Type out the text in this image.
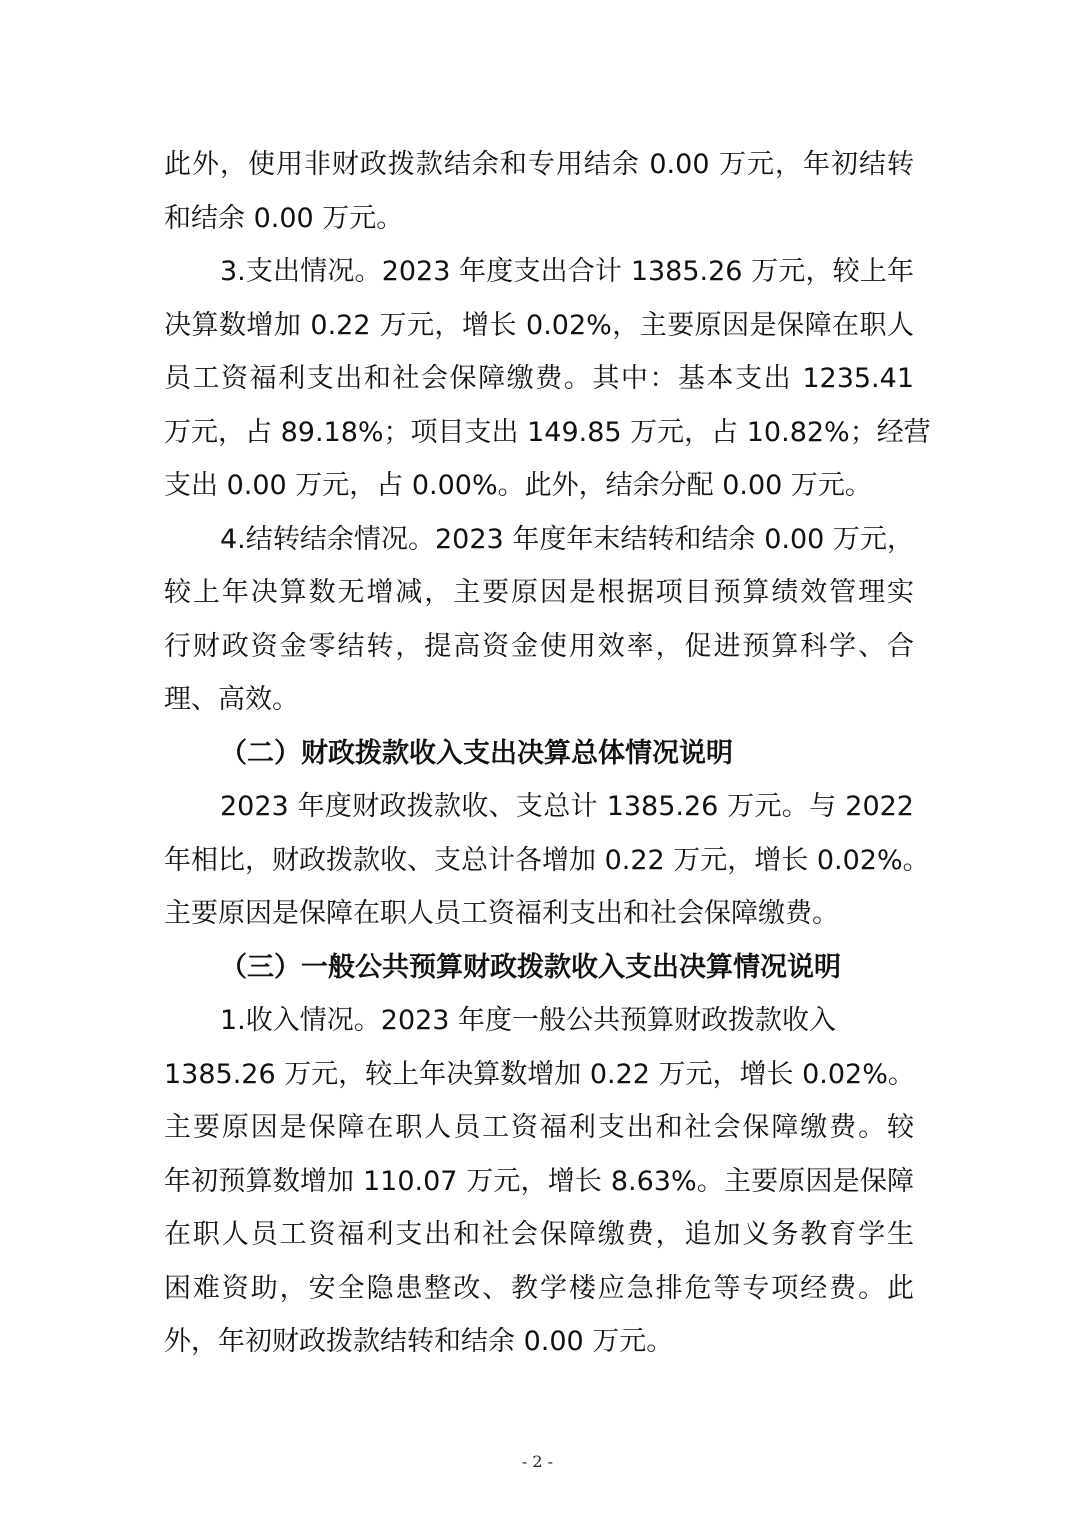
此外，使用非财政拨款结余和专用结余 0.00 万元，年初结转
和结余 0.00 万元。
3.支出情况。2023 年度支出合计 1385.26 万元，较上年
决算数增加 0.22 万元，增长 0.02%，主要原因是保障在职人
员工资福利支出和社会保障缴费。其中：基本支出 1235.41
万元，占 89.18%；项目支出 149.85 万元，占 10.82%；经营
支出 0.00 万元，占 0.00%。此外，结余分配 0.00 万元。
4.结转结余情况。2023 年度年末结转和结余 0.00 万元，
较上年决算数无增减，主要原因是根据项目预算绩效管理实
行财政资金零结转，提高资金使用效率，促进预算科学、合
理、高效。
（二）财政拨款收入支出决算总体情况说明
2023 年度财政拨款收、支总计 1385.26 万元。与 2022
年相比，财政拨款收、支总计各增加 0.22 万元，增长 0.02%。
主要原因是保障在职人员工资福利支出和社会保障缴费。
（三）一般公共预算财政拨款收入支出决算情况说明
1.收入情况。2023 年度一般公共预算财政拨款收入
1385.26 万元，较上年决算数增加 0.22 万元，增长 0.02%。
主要原因是保障在职人员工资福利支出和社会保障缴费。较
年初预算数增加 110.07 万元，增长 8.63%。主要原因是保障
在职人员工资福利支出和社会保障缴费，追加义务教育学生
困难资助，安全隐患整改、教学楼应急排危等专项经费。此
外，年初财政拨款结转和结余 0.00 万元。
- 2 -
